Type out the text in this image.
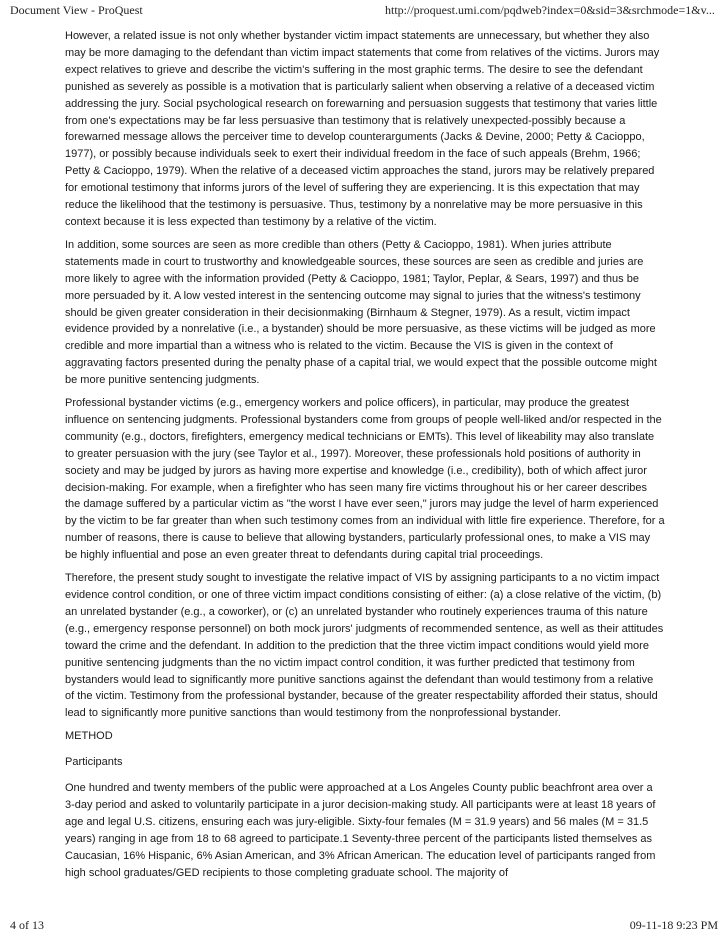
Document View - ProQuest	http://proquest.umi.com/pqdweb?index=0&sid=3&srchmode=1&v...

However, a related issue is not only whether bystander victim impact statements are unnecessary, but whether they also may be more damaging to the defendant than victim impact statements that come from relatives of the victims. Jurors may expect relatives to grieve and describe the victim's suffering in the most graphic terms. The desire to see the defendant punished as severely as possible is a motivation that is particularly salient when observing a relative of a deceased victim addressing the jury. Social psychological research on forewarning and persuasion suggests that testimony that varies little from one's expectations may be far less persuasive than testimony that is relatively unexpected-possibly because a forewarned message allows the perceiver time to develop counterarguments (Jacks & Devine, 2000; Petty & Cacioppo, 1977), or possibly because individuals seek to exert their individual freedom in the face of such appeals (Brehm, 1966; Petty & Cacioppo, 1979). When the relative of a deceased victim approaches the stand, jurors may be relatively prepared for emotional testimony that informs jurors of the level of suffering they are experiencing. It is this expectation that may reduce the likelihood that the testimony is persuasive. Thus, testimony by a nonrelative may be more persuasive in this context because it is less expected than testimony by a relative of the victim.

In addition, some sources are seen as more credible than others (Petty & Cacioppo, 1981). When juries attribute statements made in court to trustworthy and knowledgeable sources, these sources are seen as credible and juries are more likely to agree with the information provided (Petty & Cacioppo, 1981; Taylor, Peplar, & Sears, 1997) and thus be more persuaded by it. A low vested interest in the sentencing outcome may signal to juries that the witness's testimony should be given greater consideration in their decisionmaking (Birnhaum & Stegner, 1979). As a result, victim impact evidence provided by a nonrelative (i.e., a bystander) should be more persuasive, as these victims will be judged as more credible and more impartial than a witness who is related to the victim. Because the VIS is given in the context of aggravating factors presented during the penalty phase of a capital trial, we would expect that the possible outcome might be more punitive sentencing judgments.

Professional bystander victims (e.g., emergency workers and police officers), in particular, may produce the greatest influence on sentencing judgments. Professional bystanders come from groups of people well-liked and/or respected in the community (e.g., doctors, firefighters, emergency medical technicians or EMTs). This level of likeability may also translate to greater persuasion with the jury (see Taylor et al., 1997). Moreover, these professionals hold positions of authority in society and may be judged by jurors as having more expertise and knowledge (i.e., credibility), both of which affect juror decision-making. For example, when a firefighter who has seen many fire victims throughout his or her career describes the damage suffered by a particular victim as "the worst I have ever seen," jurors may judge the level of harm experienced by the victim to be far greater than when such testimony comes from an individual with little fire experience. Therefore, for a number of reasons, there is cause to believe that allowing bystanders, particularly professional ones, to make a VIS may be highly influential and pose an even greater threat to defendants during capital trial proceedings.

Therefore, the present study sought to investigate the relative impact of VIS by assigning participants to a no victim impact evidence control condition, or one of three victim impact conditions consisting of either: (a) a close relative of the victim, (b) an unrelated bystander (e.g., a coworker), or (c) an unrelated bystander who routinely experiences trauma of this nature (e.g., emergency response personnel) on both mock jurors' judgments of recommended sentence, as well as their attitudes toward the crime and the defendant. In addition to the prediction that the three victim impact conditions would yield more punitive sentencing judgments than the no victim impact control condition, it was further predicted that testimony from bystanders would lead to significantly more punitive sanctions against the defendant than would testimony from a relative of the victim. Testimony from the professional bystander, because of the greater respectability afforded their status, should lead to significantly more punitive sanctions than would testimony from the nonprofessional bystander.

METHOD

Participants

One hundred and twenty members of the public were approached at a Los Angeles County public beachfront area over a 3-day period and asked to voluntarily participate in a juror decision-making study. All participants were at least 18 years of age and legal U.S. citizens, ensuring each was jury-eligible. Sixty-four females (M = 31.9 years) and 56 males (M = 31.5 years) ranging in age from 18 to 68 agreed to participate.1 Seventy-three percent of the participants listed themselves as Caucasian, 16% Hispanic, 6% Asian American, and 3% African American. The education level of participants ranged from high school graduates/GED recipients to those completing graduate school. The majority of

4 of 13	09-11-18 9:23 PM
